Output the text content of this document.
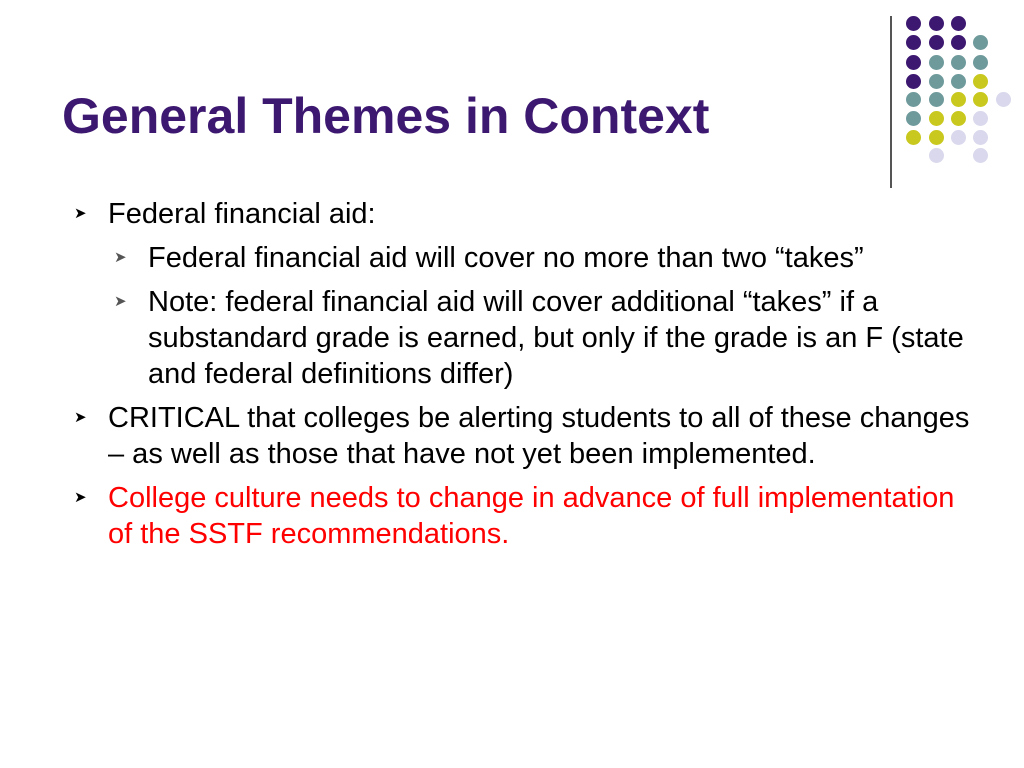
General Themes in Context
➤ Federal financial aid:
➤ Federal financial aid will cover no more than two “takes”
➤ Note: federal financial aid will cover additional “takes” if a substandard grade is earned, but only if the grade is an F (state and federal definitions differ)
➤ CRITICAL that colleges be alerting students to all of these changes – as well as those that have not yet been implemented.
➤ College culture needs to change in advance of full implementation of the SSTF recommendations.
